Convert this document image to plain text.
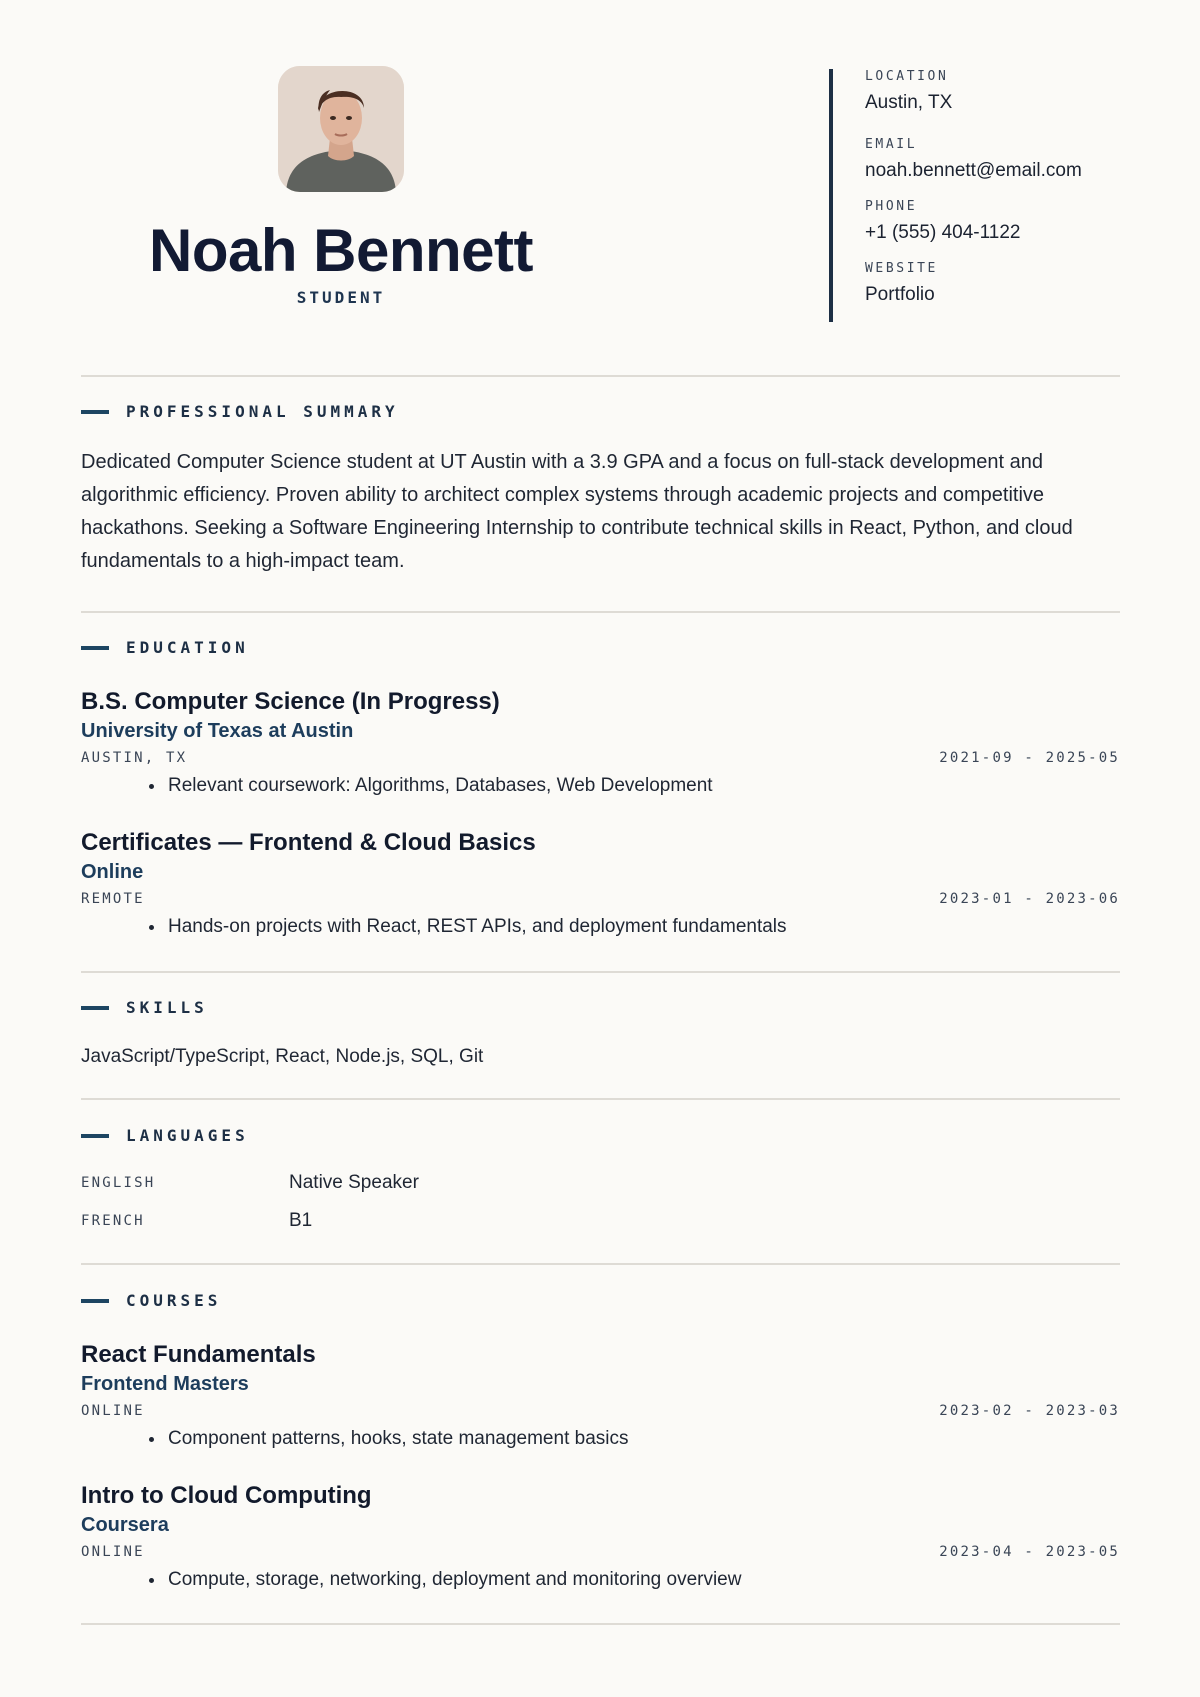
Noah Bennett
STUDENT
LOCATION
Austin, TX
EMAIL
noah.bennett@email.com
PHONE
+1 (555) 404-1122
WEBSITE
Portfolio
PROFESSIONAL SUMMARY
Dedicated Computer Science student at UT Austin with a 3.9 GPA and a focus on full-stack development and algorithmic efficiency. Proven ability to architect complex systems through academic projects and competitive hackathons. Seeking a Software Engineering Internship to contribute technical skills in React, Python, and cloud fundamentals to a high-impact team.
EDUCATION
B.S. Computer Science (In Progress)
University of Texas at Austin
AUSTIN, TX	2021-09 - 2025-05
• Relevant coursework: Algorithms, Databases, Web Development
Certificates — Frontend & Cloud Basics
Online
REMOTE	2023-01 - 2023-06
• Hands-on projects with React, REST APIs, and deployment fundamentals
SKILLS
JavaScript/TypeScript, React, Node.js, SQL, Git
LANGUAGES
ENGLISH	Native Speaker
FRENCH	B1
COURSES
React Fundamentals
Frontend Masters
ONLINE	2023-02 - 2023-03
• Component patterns, hooks, state management basics
Intro to Cloud Computing
Coursera
ONLINE	2023-04 - 2023-05
• Compute, storage, networking, deployment and monitoring overview
